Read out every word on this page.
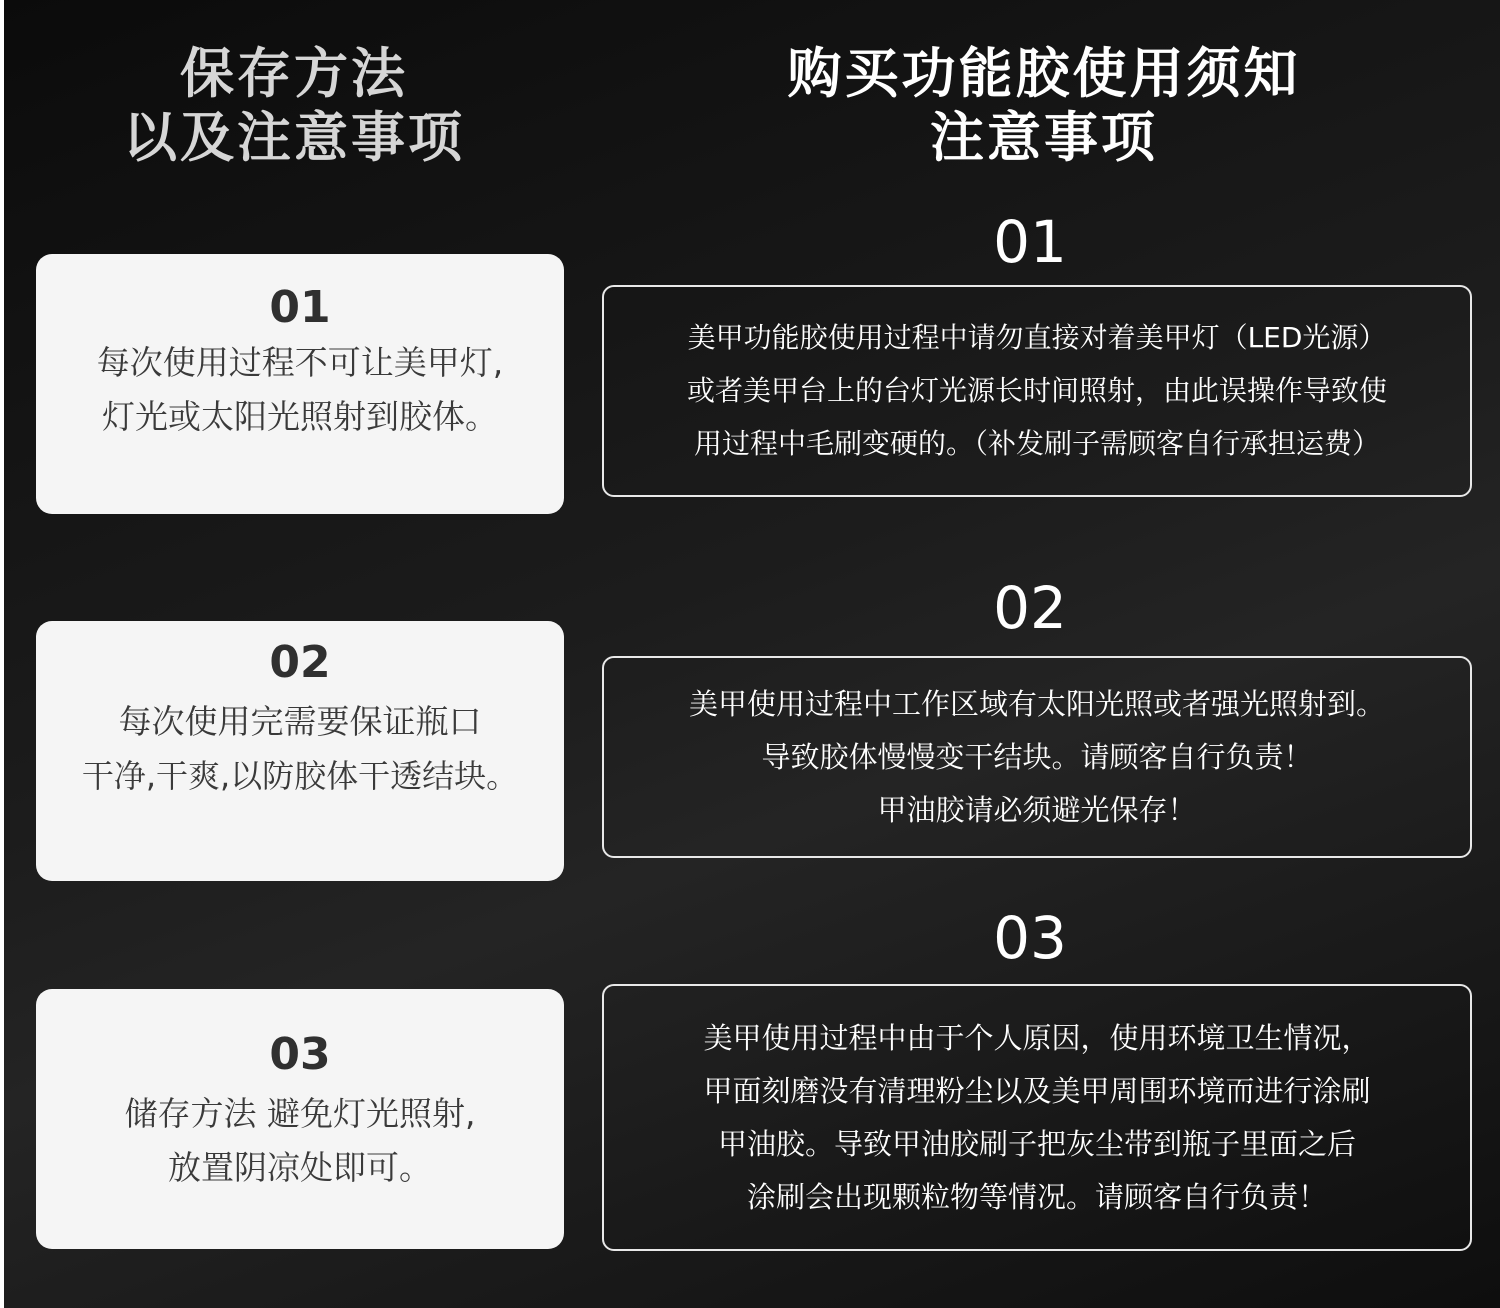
保存方法
以及注意事项
购买功能胶使用须知
注意事项
01
每次使用过程不可让美甲灯,
灯光或太阳光照射到胶体。
02
每次使用完需要保证瓶口
干净,干爽,以防胶体干透结块。
03
储存方法 避免灯光照射,
放置阴凉处即可。
01
美甲功能胶使用过程中请勿直接对着美甲灯（LED光源）
或者美甲台上的台灯光源长时间照射，由此误操作导致使
用过程中毛刷变硬的。（补发刷子需顾客自行承担运费）
02
美甲使用过程中工作区域有太阳光照或者强光照射到。
导致胶体慢慢变干结块。请顾客自行负责！
甲油胶请必须避光保存！
03
美甲使用过程中由于个人原因，使用环境卫生情况，
甲面刻磨没有清理粉尘以及美甲周围环境而进行涂刷
甲油胶。导致甲油胶刷子把灰尘带到瓶子里面之后
涂刷会出现颗粒物等情况。请顾客自行负责！
